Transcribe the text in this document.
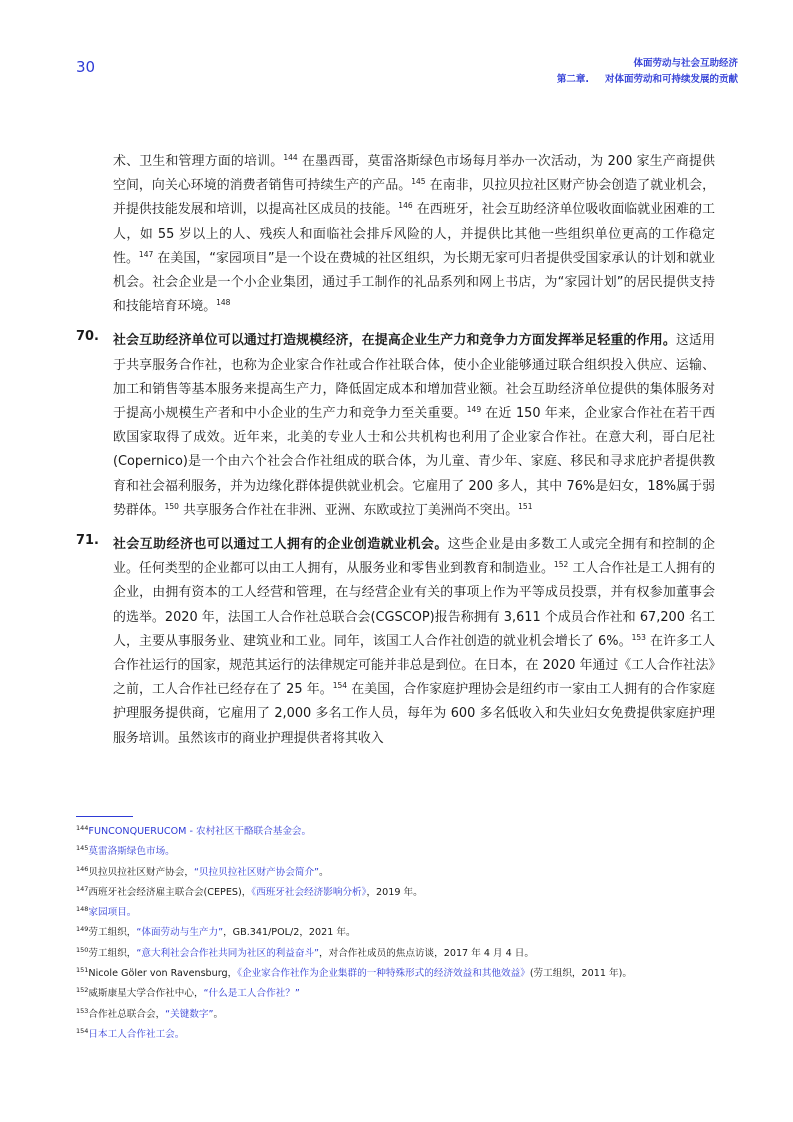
30	体面劳动与社会互助经济
第二章. 对体面劳动和可持续发展的贡献

术、卫生和管理方面的培训。$^{144}$ 在墨西哥，莫雷洛斯绿色市场每月举办一次活动，为 200 家生产商提供空间，向关心环境的消费者销售可持续生产的产品。$^{145}$ 在南非，贝拉贝拉社区财产协会创造了就业机会，并提供技能发展和培训，以提高社区成员的技能。$^{146}$ 在西班牙，社会互助经济单位吸收面临就业困难的工人，如 55 岁以上的人、残疾人和面临社会排斥风险的人，并提供比其他一些组织单位更高的工作稳定性。$^{147}$ 在美国，“家园项目”是一个设在费城的社区组织，为长期无家可归者提供受国家承认的计划和就业机会。社会企业是一个小企业集团，通过手工制作的礼品系列和网上书店，为“家园计划”的居民提供支持和技能培育环境。$^{148}$

70.	社会互助经济单位可以通过打造规模经济，在提高企业生产力和竞争力方面发挥举足轻重的作用。这适用于共享服务合作社，也称为企业家合作社或合作社联合体，使小企业能够通过联合组织投入供应、运输、加工和销售等基本服务来提高生产力，降低固定成本和增加营业额。社会互助经济单位提供的集体服务对于提高小规模生产者和中小企业的生产力和竞争力至关重要。$^{149}$ 在近 150 年来，企业家合作社在若干西欧国家取得了成效。近年来，北美的专业人士和公共机构也利用了企业家合作社。在意大利，哥白尼社(Copernico)是一个由六个社会合作社组成的联合体，为儿童、青少年、家庭、移民和寻求庇护者提供教育和社会福利服务，并为边缘化群体提供就业机会。它雇用了 200 多人，其中 76%是妇女，18%属于弱势群体。$^{150}$ 共享服务合作社在非洲、亚洲、东欧或拉丁美洲尚不突出。$^{151}$

71.	社会互助经济也可以通过工人拥有的企业创造就业机会。这些企业是由多数工人或完全拥有和控制的企业。任何类型的企业都可以由工人拥有，从服务业和零售业到教育和制造业。$^{152}$ 工人合作社是工人拥有的企业，由拥有资本的工人经营和管理，在与经营企业有关的事项上作为平等成员投票，并有权参加董事会的选举。2020 年，法国工人合作社总联合会(CGSCOP)报告称拥有 3,611 个成员合作社和 67,200 名工人，主要从事服务业、建筑业和工业。同年，该国工人合作社创造的就业机会增长了 6%。$^{153}$ 在许多工人合作社运行的国家，规范其运行的法律规定可能并非总是到位。在日本，在 2020 年通过《工人合作社法》之前，工人合作社已经存在了 25 年。$^{154}$ 在美国，合作家庭护理协会是纽约市一家由工人拥有的合作家庭护理服务提供商，它雇用了 2,000 多名工作人员，每年为 600 多名低收入和失业妇女免费提供家庭护理服务培训。虽然该市的商业护理提供者将其收入

$^{144}$FUNCONQUERUCOM - 农村社区干酪联合基金会。
$^{145}$莫雷洛斯绿色市场。
$^{146}$贝拉贝拉社区财产协会，“贝拉贝拉社区财产协会简介”。
$^{147}$西班牙社会经济雇主联合会(CEPES)，《西班牙社会经济影响分析》，2019 年。
$^{148}$家园项目。
$^{149}$劳工组织，“体面劳动与生产力”，GB.341/POL/2，2021 年。
$^{150}$劳工组织，“意大利社会合作社共同为社区的利益奋斗”，对合作社成员的焦点访谈，2017 年 4 月 4 日。
$^{151}$Nicole Göler von Ravensburg，《企业家合作社作为企业集群的一种特殊形式的经济效益和其他效益》(劳工组织，2011 年)。
$^{152}$威斯康星大学合作社中心，“什么是工人合作社？”
$^{153}$合作社总联合会，“关键数字”。
$^{154}$日本工人合作社工会。
